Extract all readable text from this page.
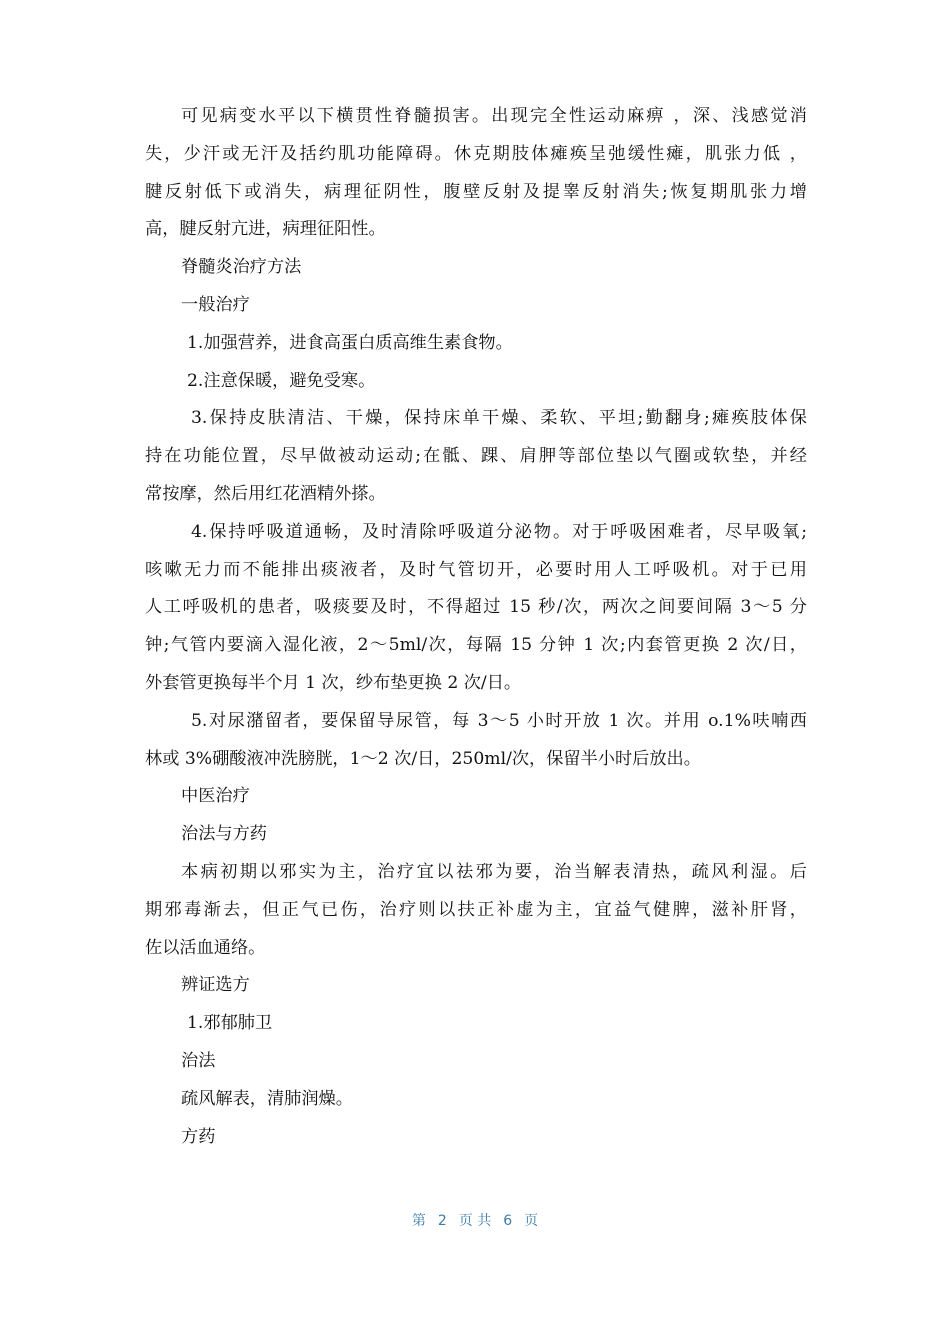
可见病变水平以下横贯性脊髓损害。出现完全性运动麻痹 ，深、浅感觉消
失，少汗或无汗及括约肌功能障碍。休克期肢体瘫痪呈弛缓性瘫，肌张力低 ，
腱反射低下或消失，病理征阴性，腹壁反射及提睾反射消失;恢复期肌张力增
高，腱反射亢进，病理征阳性。
脊髓炎治疗方法
一般治疗
1.加强营养，进食高蛋白质高维生素食物。
2.注意保暖，避免受寒。
3.保持皮肤清洁、干燥，保持床单干燥、柔软、平坦;勤翻身;瘫痪肢体保
持在功能位置，尽早做被动运动;在骶、踝、肩胛等部位垫以气圈或软垫，并经
常按摩，然后用红花酒精外搽。
4.保持呼吸道通畅，及时清除呼吸道分泌物。对于呼吸困难者，尽早吸氧;
咳嗽无力而不能排出痰液者，及时气管切开，必要时用人工呼吸机。对于已用
人工呼吸机的患者，吸痰要及时，不得超过 15 秒/次，两次之间要间隔 3～5 分
钟;气管内要滴入湿化液，2～5ml/次，每隔 15 分钟 1 次;内套管更换 2 次/日，
外套管更换每半个月 1 次，纱布垫更换 2 次/日。
5.对尿潴留者，要保留导尿管，每 3～5 小时开放 1 次。并用 o.1%呋喃西
林或 3%硼酸液冲洗膀胱，1～2 次/日，250ml/次，保留半小时后放出。
中医治疗
治法与方药
本病初期以邪实为主，治疗宜以祛邪为要，治当解表清热，疏风利湿。后
期邪毒渐去，但正气已伤，治疗则以扶正补虚为主，宜益气健脾，滋补肝肾，
佐以活血通络。
辨证选方
1.邪郁肺卫
治法
疏风解表，清肺润燥。
方药
第 2 页 共 6 页
